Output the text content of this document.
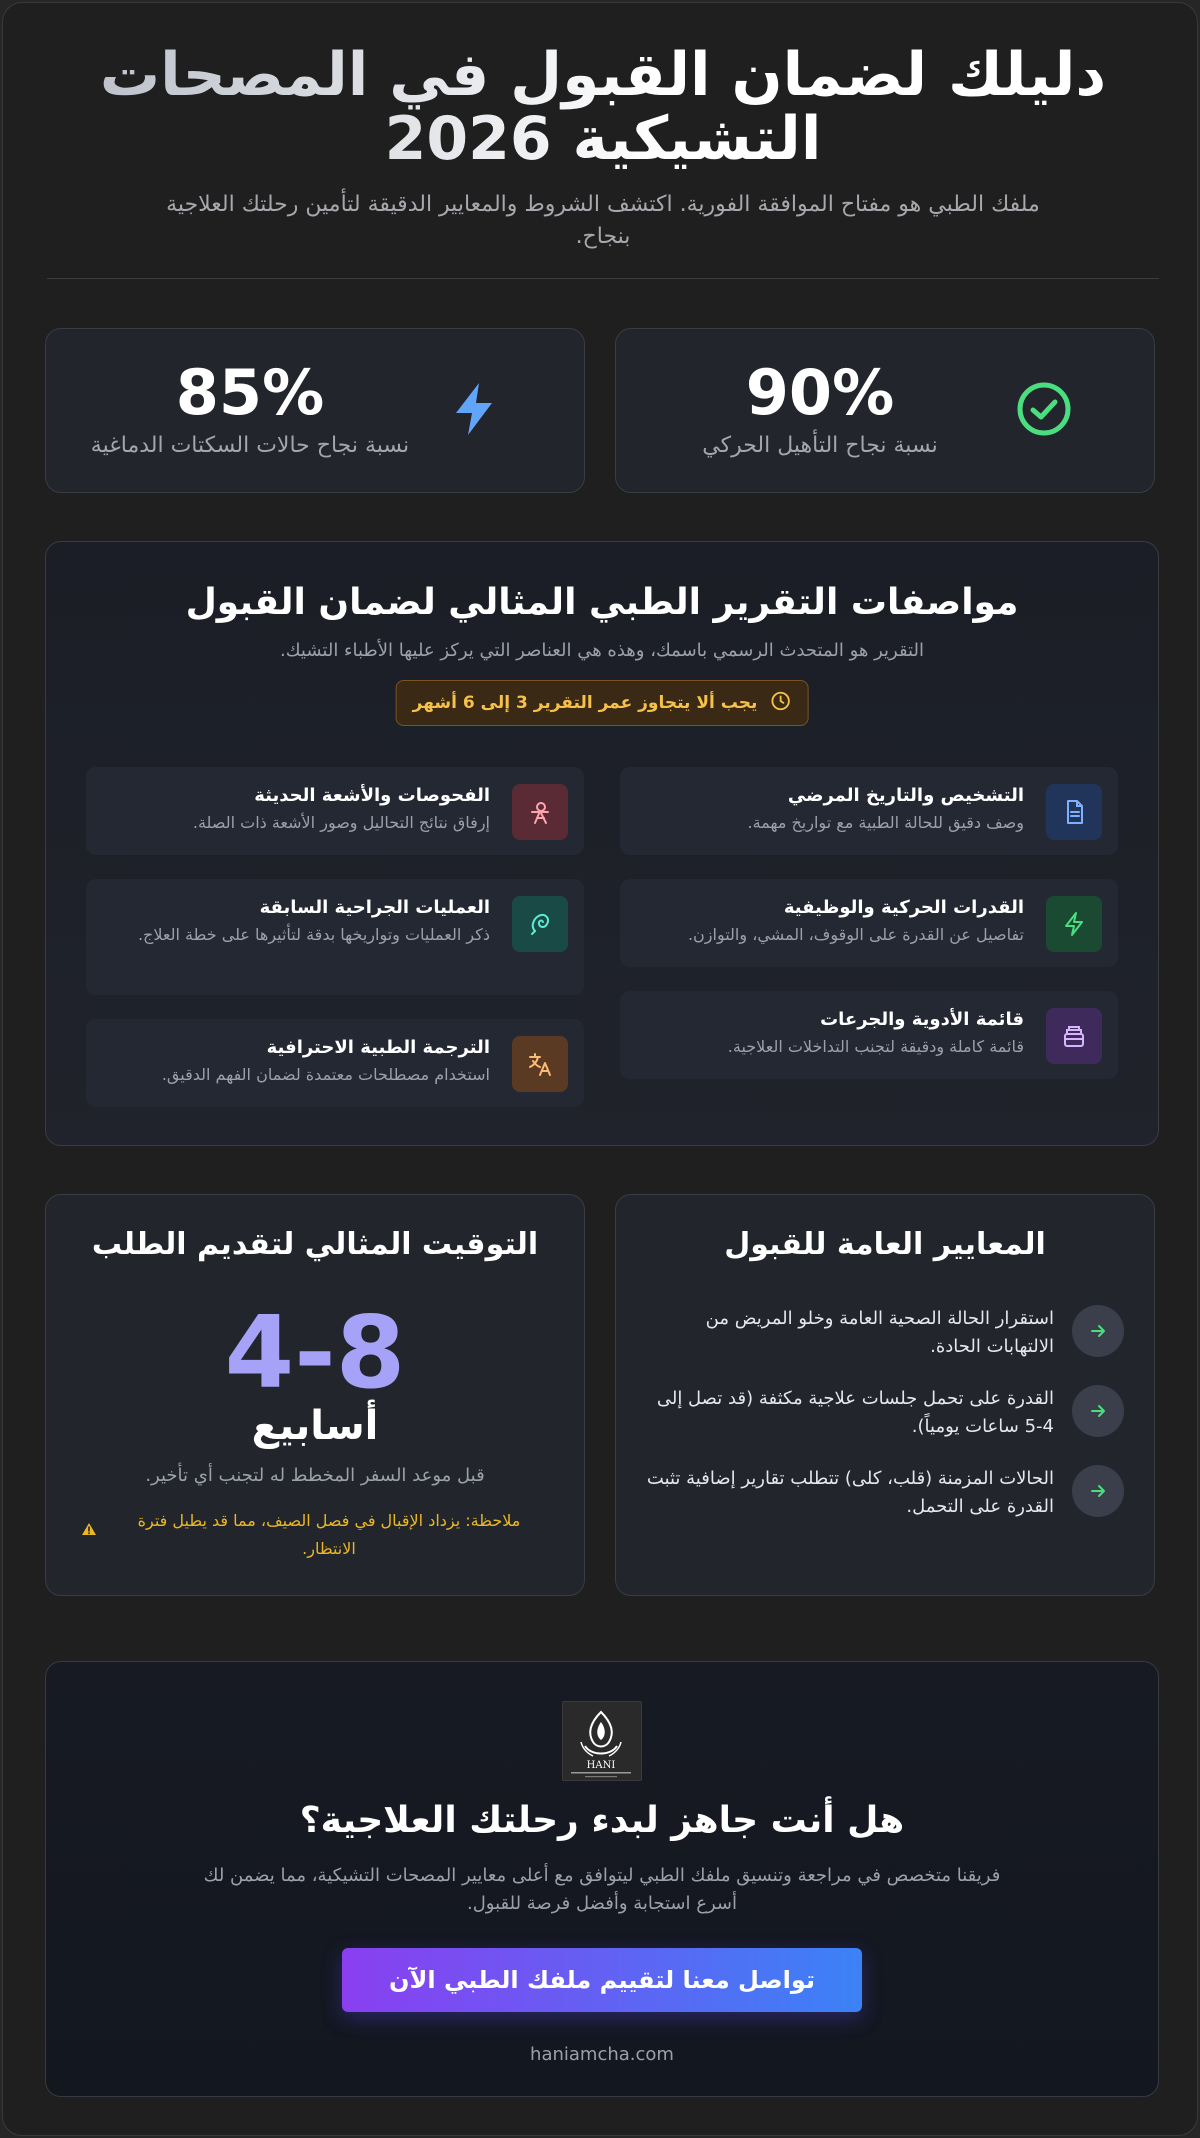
دليلك لضمان القبول في المصحات التشيكية 2026

ملفك الطبي هو مفتاح الموافقة الفورية. اكتشف الشروط والمعايير الدقيقة لتأمين رحلتك العلاجية بنجاح.

90%
نسبة نجاح التأهيل الحركي
85%
نسبة نجاح حالات السكتات الدماغية
مواصفات التقرير الطبي المثالي لضمان القبول

التقرير هو المتحدث الرسمي باسمك، وهذه هي العناصر التي يركز عليها الأطباء التشيك.

يجب ألا يتجاوز عمر التقرير 3 إلى 6 أشهر
التشخيص والتاريخ المرضي
وصف دقيق للحالة الطبية مع تواريخ مهمة.
القدرات الحركية والوظيفية
تفاصيل عن القدرة على الوقوف، المشي، والتوازن.
قائمة الأدوية والجرعات
قائمة كاملة ودقيقة لتجنب التداخلات العلاجية.
الفحوصات والأشعة الحديثة
إرفاق نتائج التحاليل وصور الأشعة ذات الصلة.
العمليات الجراحية السابقة
ذكر العمليات وتواريخها بدقة لتأثيرها على خطة العلاج.
الترجمة الطبية الاحترافية
استخدام مصطلحات معتمدة لضمان الفهم الدقيق.
المعايير العامة للقبول
استقرار الحالة الصحية العامة وخلو المريض من الالتهابات الحادة.
القدرة على تحمل جلسات علاجية مكثفة (قد تصل إلى 4-5 ساعات يومياً).
الحالات المزمنة (قلب، كلى) تتطلب تقارير إضافية تثبت القدرة على التحمل.
التوقيت المثالي لتقديم الطلب
4-8
أسابيع
قبل موعد السفر المخطط له لتجنب أي تأخير.
ملاحظة: يزداد الإقبال في فصل الصيف، مما قد يطيل فترة الانتظار.
HANI
هل أنت جاهز لبدء رحلتك العلاجية؟

فريقنا متخصص في مراجعة وتنسيق ملفك الطبي ليتوافق مع أعلى معايير المصحات التشيكية، مما يضمن لك أسرع استجابة وأفضل فرصة للقبول.

تواصل معنا لتقييم ملفك الطبي الآن
haniamcha.com
